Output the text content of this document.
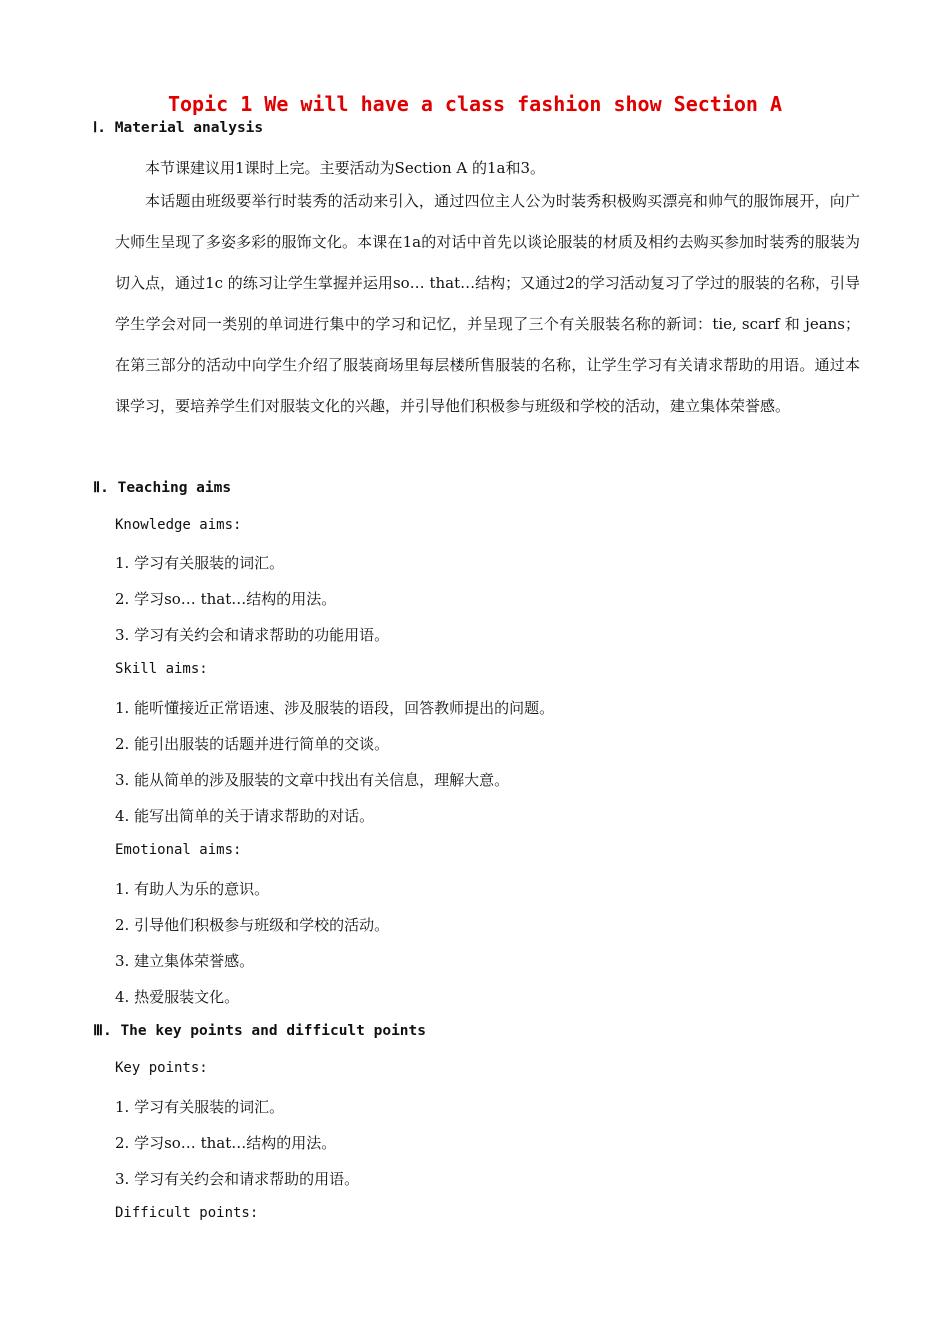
Topic 1 We will have a class fashion show Section A
Ⅰ. Material analysis
本节课建议用1课时上完。主要活动为Section A 的1a和3。
本话题由班级要举行时装秀的活动来引入，通过四位主人公为时装秀积极购买漂亮和帅气的服饰展开，向广大师生呈现了多姿多彩的服饰文化。本课在1a的对话中首先以谈论服装的材质及相约去购买参加时装秀的服装为切入点，通过1c 的练习让学生掌握并运用so… that…结构；又通过2的学习活动复习了学过的服装的名称，引导学生学会对同一类别的单词进行集中的学习和记忆，并呈现了三个有关服装名称的新词：tie, scarf 和 jeans；在第三部分的活动中向学生介绍了服装商场里每层楼所售服装的名称，让学生学习有关请求帮助的用语。通过本课学习，要培养学生们对服装文化的兴趣，并引导他们积极参与班级和学校的活动，建立集体荣誉感。
Ⅱ. Teaching aims
Knowledge aims:
1. 学习有关服装的词汇。
2. 学习so… that…结构的用法。
3. 学习有关约会和请求帮助的功能用语。
Skill aims:
1. 能听懂接近正常语速、涉及服装的语段，回答教师提出的问题。
2. 能引出服装的话题并进行简单的交谈。
3. 能从简单的涉及服装的文章中找出有关信息，理解大意。
4. 能写出简单的关于请求帮助的对话。
Emotional aims:
1. 有助人为乐的意识。
2. 引导他们积极参与班级和学校的活动。
3. 建立集体荣誉感。
4. 热爱服装文化。
Ⅲ. The key points and difficult points
Key points:
1. 学习有关服装的词汇。
2. 学习so… that…结构的用法。
3. 学习有关约会和请求帮助的用语。
Difficult points:
